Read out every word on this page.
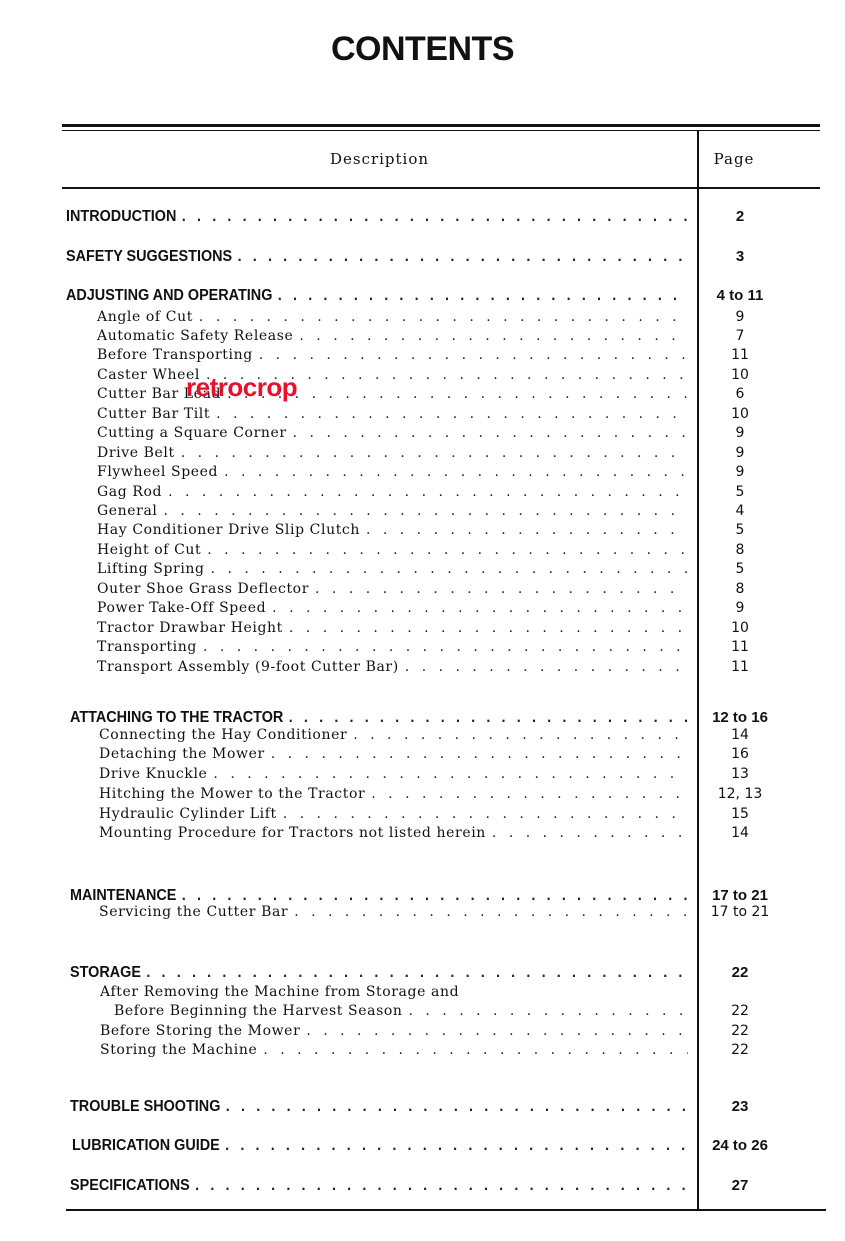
CONTENTS
Description	Page
INTRODUCTION . . .	2
SAFETY SUGGESTIONS . . .	3
ADJUSTING AND OPERATING . . .	4 to 11
Angle of Cut . . .	9
Automatic Safety Release . . .	7
Before Transporting . . .	11
Caster Wheel . . .	10
Cutter Bar Lead . . .	6
Cutter Bar Tilt . . .	10
Cutting a Square Corner . . .	9
Drive Belt . . .	9
Flywheel Speed . . .	9
Gag Rod . . .	5
General . . .	4
Hay Conditioner Drive Slip Clutch . . .	5
Height of Cut . . .	8
Lifting Spring . . .	5
Outer Shoe Grass Deflector . . .	8
Power Take-Off Speed . . .	9
Tractor Drawbar Height . . .	10
Transporting . . .	11
Transport Assembly (9-foot Cutter Bar) . . .	11
ATTACHING TO THE TRACTOR . . .	12 to 16
Connecting the Hay Conditioner . . .	14
Detaching the Mower . . .	16
Drive Knuckle . . .	13
Hitching the Mower to the Tractor . . .	12, 13
Hydraulic Cylinder Lift . . .	15
Mounting Procedure for Tractors not listed herein . . .	14
MAINTENANCE . . .	17 to 21
Servicing the Cutter Bar . . .	17 to 21
STORAGE . . .	22
After Removing the Machine from Storage and
Before Beginning the Harvest Season . . .	22
Before Storing the Mower . . .	22
Storing the Machine . . .	22
TROUBLE SHOOTING . . .	23
LUBRICATION GUIDE . . .	24 to 26
SPECIFICATIONS . . .	27
retrocrop
